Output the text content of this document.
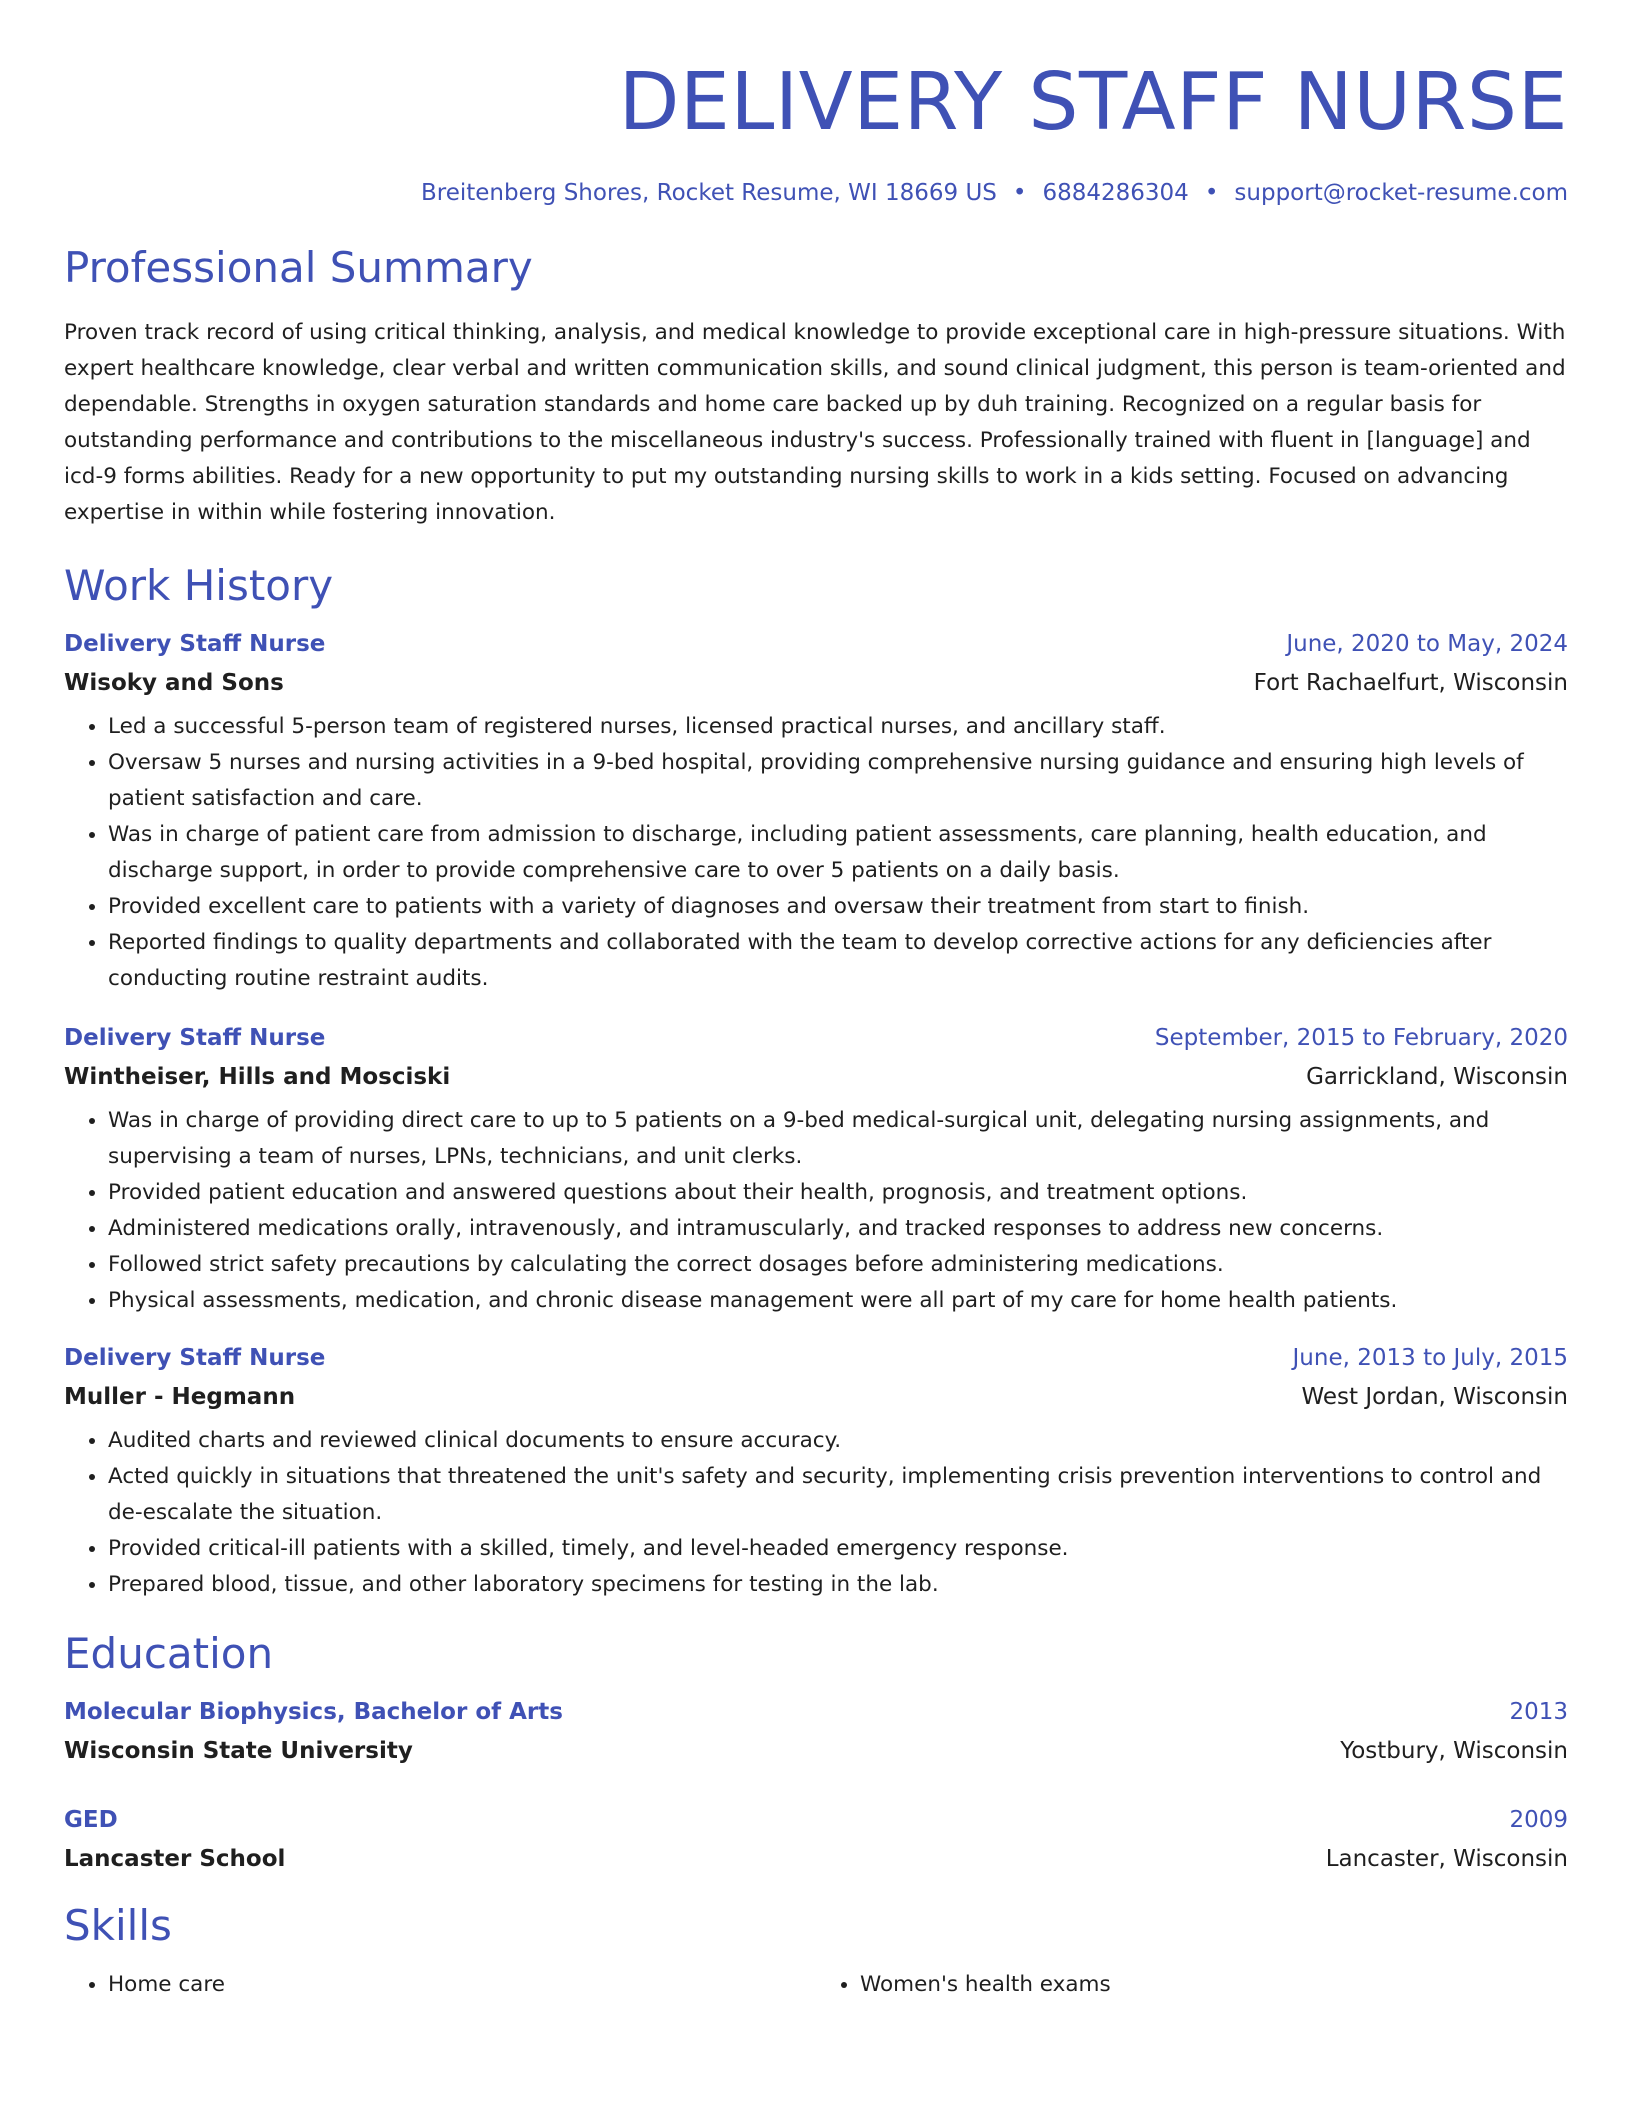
DELIVERY STAFF NURSE
Breitenberg Shores, Rocket Resume, WI 18669 US • 6884286304 • support@rocket-resume.com
Professional Summary

Proven track record of using critical thinking, analysis, and medical knowledge to provide exceptional care in high-pressure situations. With expert healthcare knowledge, clear verbal and written communication skills, and sound clinical judgment, this person is team-oriented and dependable. Strengths in oxygen saturation standards and home care backed up by duh training. Recognized on a regular basis for outstanding performance and contributions to the miscellaneous industry's success. Professionally trained with fluent in [language] and icd-9 forms abilities. Ready for a new opportunity to put my outstanding nursing skills to work in a kids setting. Focused on advancing expertise in within while fostering innovation.

Work History
Delivery Staff Nurse	June, 2020 to May, 2024
Wisoky and Sons	Fort Rachaelfurt, Wisconsin
• Led a successful 5-person team of registered nurses, licensed practical nurses, and ancillary staff.
• Oversaw 5 nurses and nursing activities in a 9-bed hospital, providing comprehensive nursing guidance and ensuring high levels of patient satisfaction and care.
• Was in charge of patient care from admission to discharge, including patient assessments, care planning, health education, and discharge support, in order to provide comprehensive care to over 5 patients on a daily basis.
• Provided excellent care to patients with a variety of diagnoses and oversaw their treatment from start to finish.
• Reported findings to quality departments and collaborated with the team to develop corrective actions for any deficiencies after conducting routine restraint audits.
Delivery Staff Nurse	September, 2015 to February, 2020
Wintheiser, Hills and Mosciski	Garrickland, Wisconsin
• Was in charge of providing direct care to up to 5 patients on a 9-bed medical-surgical unit, delegating nursing assignments, and supervising a team of nurses, LPNs, technicians, and unit clerks.
• Provided patient education and answered questions about their health, prognosis, and treatment options.
• Administered medications orally, intravenously, and intramuscularly, and tracked responses to address new concerns.
• Followed strict safety precautions by calculating the correct dosages before administering medications.
• Physical assessments, medication, and chronic disease management were all part of my care for home health patients.
Delivery Staff Nurse	June, 2013 to July, 2015
Muller - Hegmann	West Jordan, Wisconsin
• Audited charts and reviewed clinical documents to ensure accuracy.
• Acted quickly in situations that threatened the unit's safety and security, implementing crisis prevention interventions to control and de-escalate the situation.
• Provided critical-ill patients with a skilled, timely, and level-headed emergency response.
• Prepared blood, tissue, and other laboratory specimens for testing in the lab.
Education
Molecular Biophysics, Bachelor of Arts	2013
Wisconsin State University	Yostbury, Wisconsin
GED	2009
Lancaster School	Lancaster, Wisconsin
Skills
• Home care
•	Women's health exams
